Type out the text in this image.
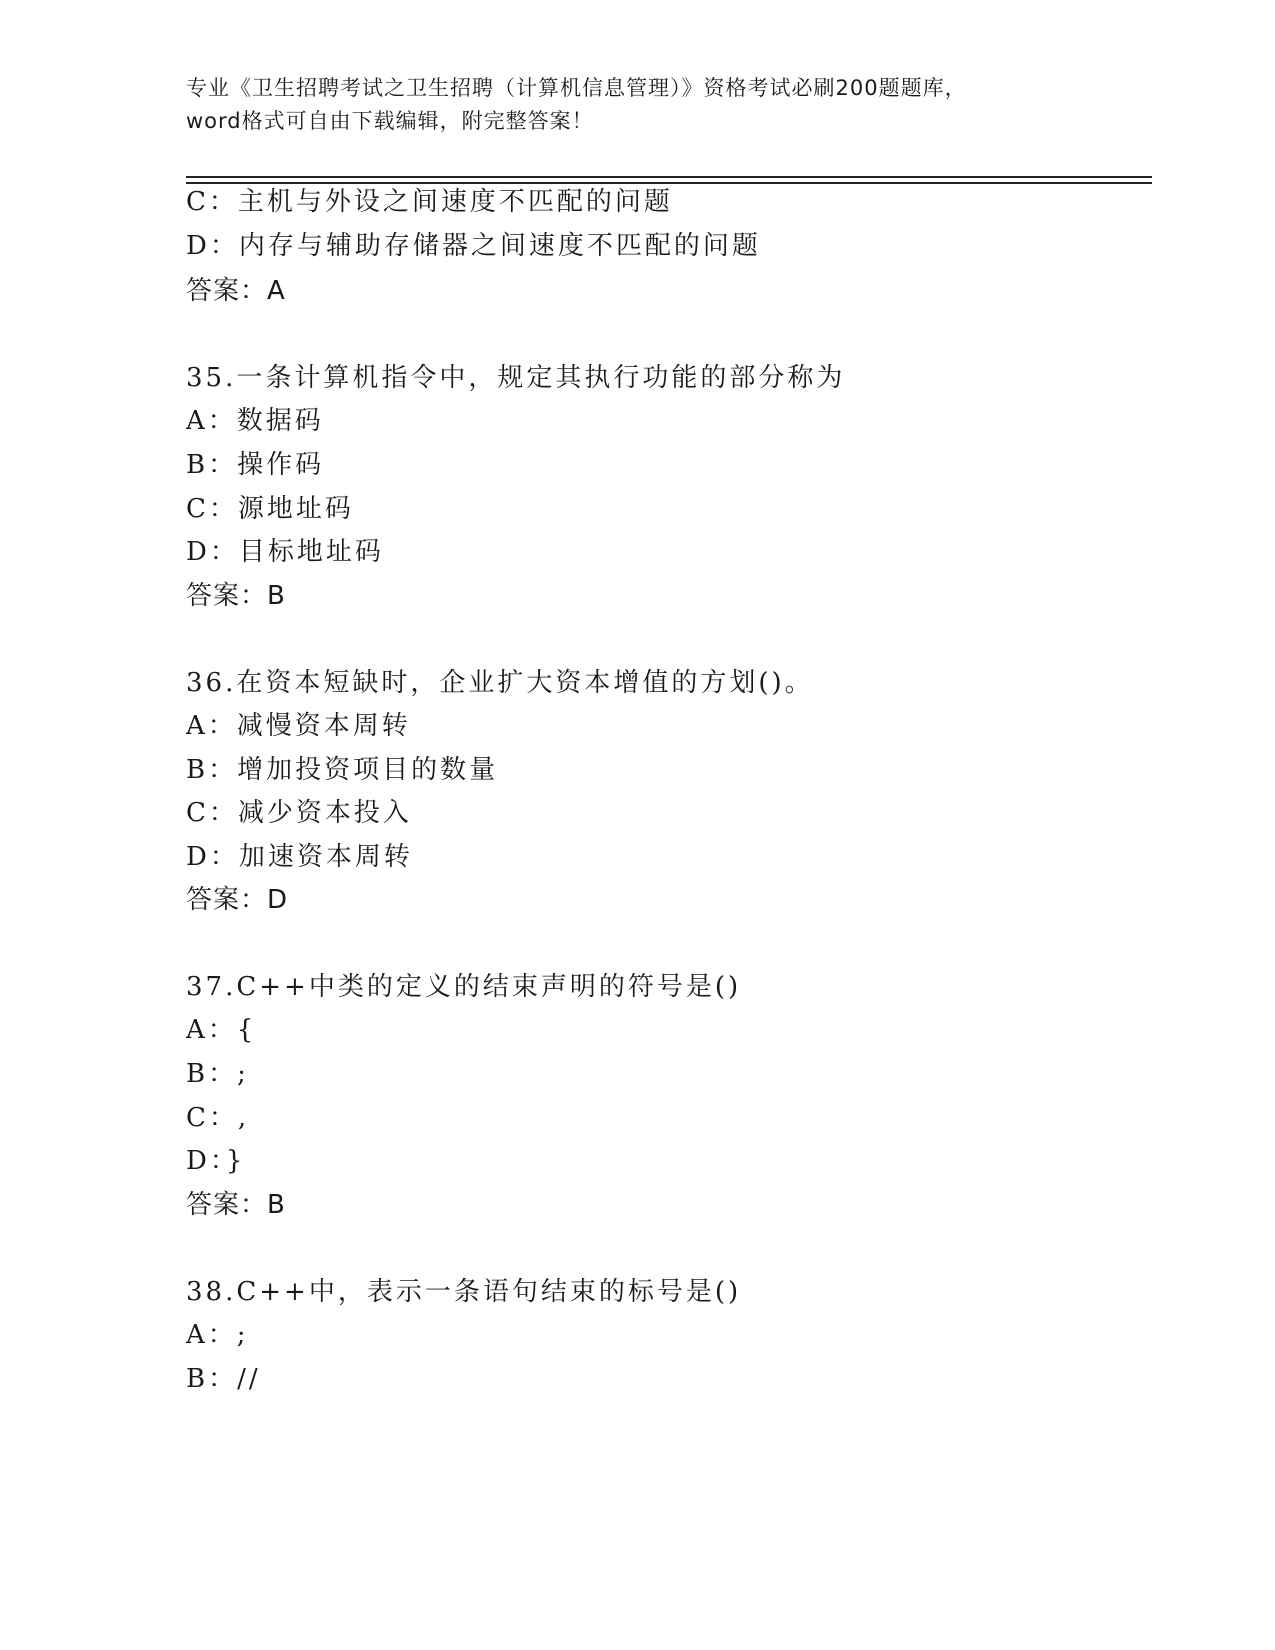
专业《卫生招聘考试之卫生招聘（计算机信息管理）》资格考试必刷200题题库，
word格式可自由下载编辑，附完整答案！
C：主机与外设之间速度不匹配的问题
D：内存与辅助存储器之间速度不匹配的问题
答案：A
35.一条计算机指令中，规定其执行功能的部分称为
A：数据码
B：操作码
C：源地址码
D：目标地址码
答案：B
36.在资本短缺时，企业扩大资本增值的方划()。
A：减慢资本周转
B：增加投资项目的数量
C：减少资本投入
D：加速资本周转
答案：D
37.C++中类的定义的结束声明的符号是()
A：{
B：;
C：,
D：}
答案：B
38.C++中，表示一条语句结束的标号是()
A：;
B：//
